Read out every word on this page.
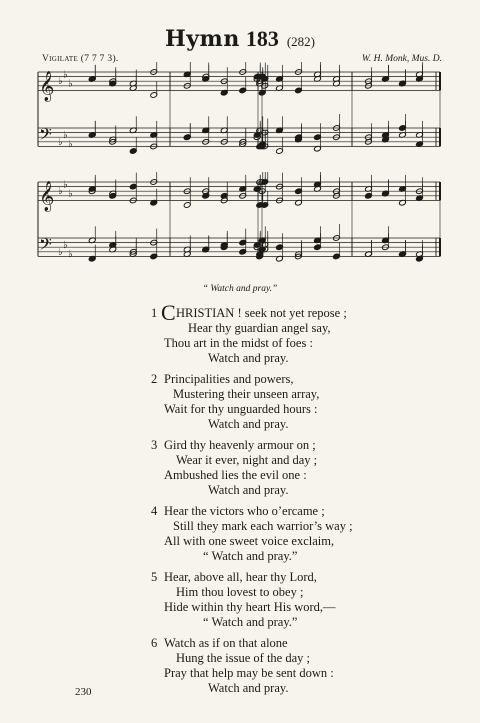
Hymn 183 (282)
Vigilate (7 7 7 3).	W. H. Monk, Mus. D.
𝄞 ♭
♭
♭
𝄢 ♭
♭
♭
𝄞 ♭
♭
♭
𝄢 ♭
♭
♭
“ Watch and pray.”
1 C HRISTIAN ! seek not yet repose ;
Hear thy guardian angel say,
Thou art in the midst of foes :
Watch and pray.
2 Principalities and powers,
Mustering their unseen array,
Wait for thy unguarded hours :
Watch and pray.
3 Gird thy heavenly armour on ;
Wear it ever, night and day ;
Ambushed lies the evil one :
Watch and pray.
4 Hear the victors who o’ercame ;
Still they mark each warrior’s way ;
All with one sweet voice exclaim,
“ Watch and pray.”
5 Hear, above all, hear thy Lord,
Him thou lovest to obey ;
Hide within thy heart His word,—
“ Watch and pray.”
6 Watch as if on that alone
Hung the issue of the day ;
Pray that help may be sent down :
Watch and pray.
230
